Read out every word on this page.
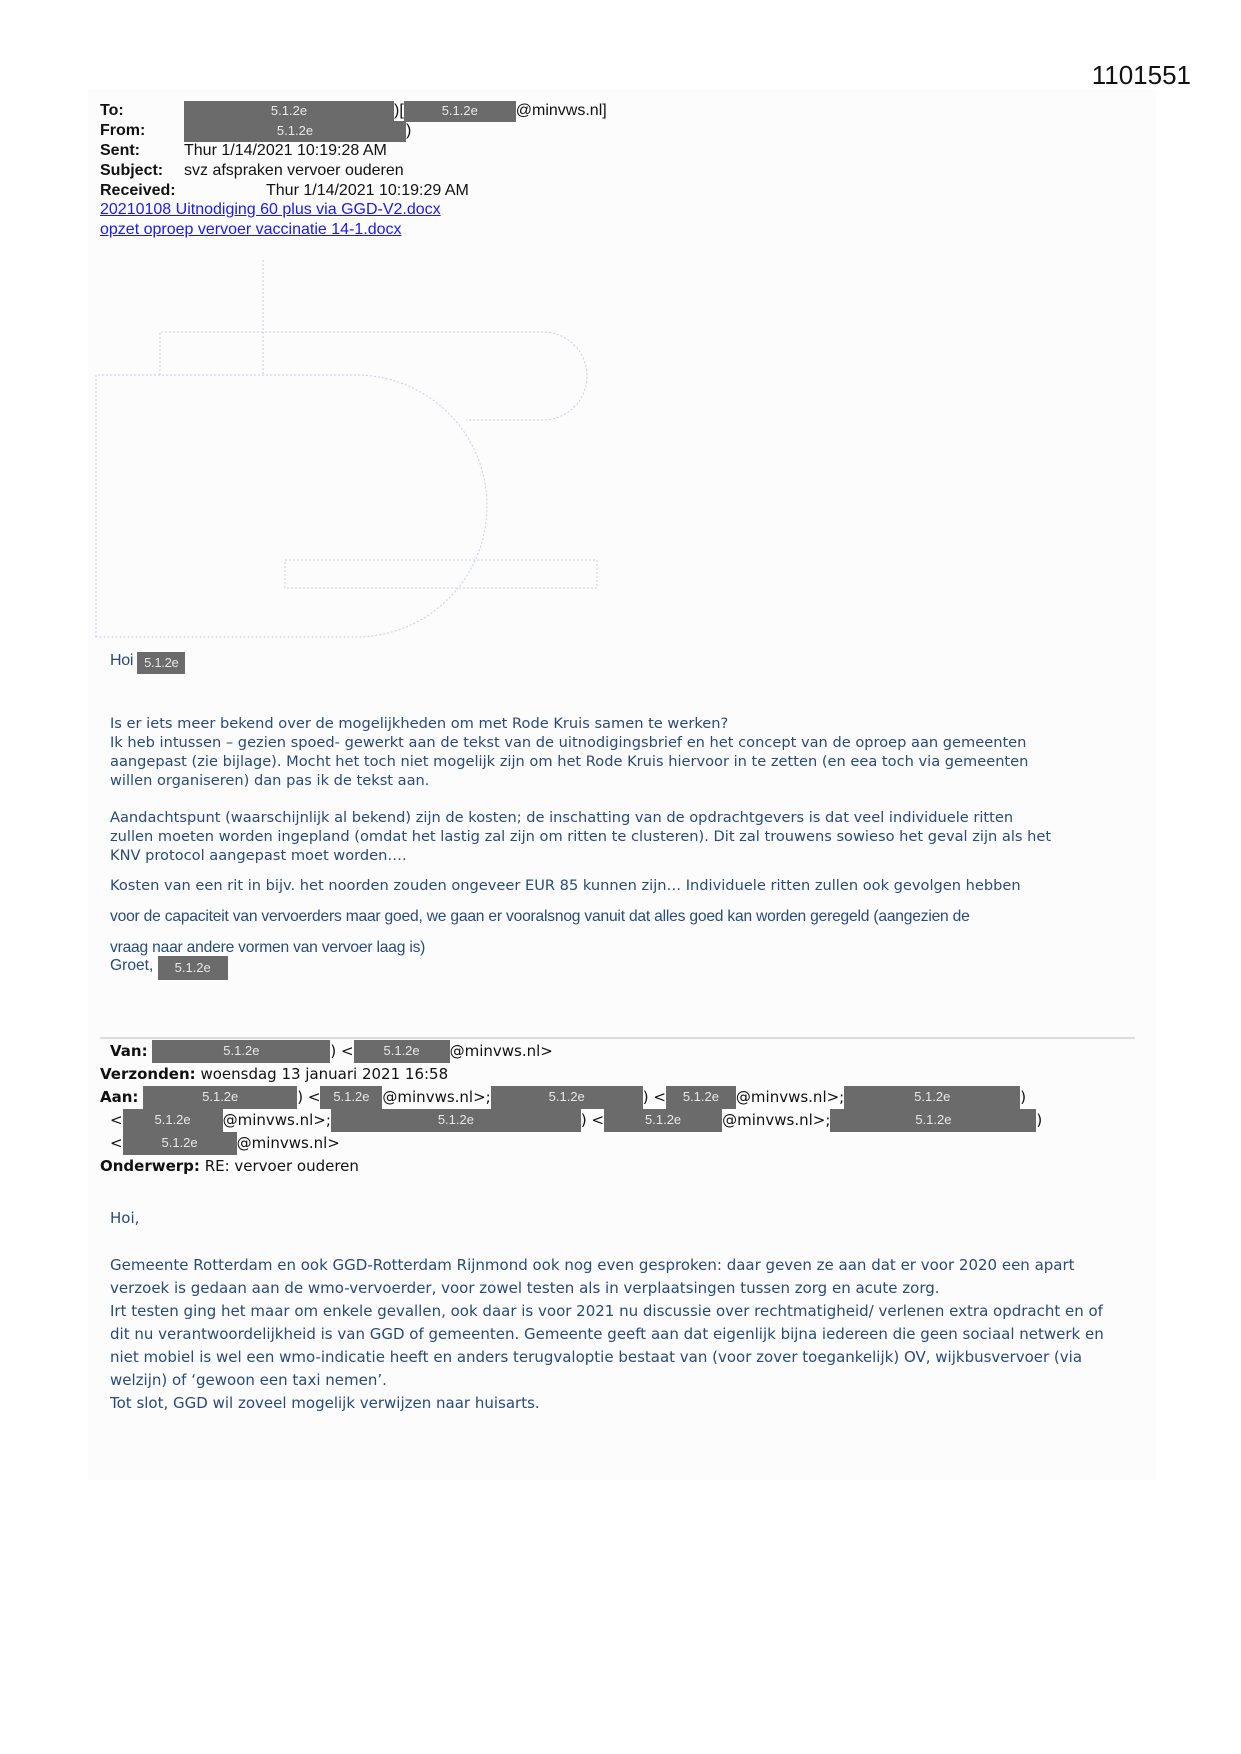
1101551
To:	5.1.2e	)[	5.1.2e @minvws.nl]
From:	5.1.2e	)
Sent:	Thur 1/14/2021 10:19:28 AM
Subject: svz afspraken vervoer ouderen
Received:	Thur 1/14/2021 10:19:29 AM
20210108 Uitnodiging 60 plus via GGD-V2.docx
opzet oproep vervoer vaccinatie 14-1.docx
Hoi 5.1.2e
Is er iets meer bekend over de mogelijkheden om met Rode Kruis samen te werken?
Ik heb intussen – gezien spoed- gewerkt aan de tekst van de uitnodigingsbrief en het concept van de oproep aan gemeenten
aangepast (zie bijlage). Mocht het toch niet mogelijk zijn om het Rode Kruis hiervoor in te zetten (en eea toch via gemeenten
willen organiseren) dan pas ik de tekst aan.
Aandachtspunt (waarschijnlijk al bekend) zijn de kosten; de inschatting van de opdrachtgevers is dat veel individuele ritten
zullen moeten worden ingepland (omdat het lastig zal zijn om ritten te clusteren). Dit zal trouwens sowieso het geval zijn als het
KNV protocol aangepast moet worden….
Kosten van een rit in bijv. het noorden zouden ongeveer EUR 85 kunnen zijn… Individuele ritten zullen ook gevolgen hebben
voor de capaciteit van vervoerders maar goed, we gaan er vooralsnog vanuit dat alles goed kan worden geregeld (aangezien de
vraag naar andere vormen van vervoer laag is)
Groet, 5.1.2e
Van:	5.1.2e	) < 5.1.2e @minvws.nl>
Verzonden: woensdag 13 januari 2021 16:58
Aan:	5.1.2e	) < 5.1.2e @minvws.nl>;	5.1.2e	) < 5.1.2e @minvws.nl>;	5.1.2e	)
< 5.1.2e @minvws.nl>;	5.1.2e	) <	5.1.2e	@minvws.nl>;	5.1.2e	)
<	5.1.2e	@minvws.nl>
Onderwerp: RE: vervoer ouderen
Hoi,
Gemeente Rotterdam en ook GGD-Rotterdam Rijnmond ook nog even gesproken: daar geven ze aan dat er voor 2020 een apart
verzoek is gedaan aan de wmo-vervoerder, voor zowel testen als in verplaatsingen tussen zorg en acute zorg.
Irt testen ging het maar om enkele gevallen, ook daar is voor 2021 nu discussie over rechtmatigheid/ verlenen extra opdracht en of
dit nu verantwoordelijkheid is van GGD of gemeenten. Gemeente geeft aan dat eigenlijk bijna iedereen die geen sociaal netwerk en
niet mobiel is wel een wmo-indicatie heeft en anders terugvaloptie bestaat van (voor zover toegankelijk) OV, wijkbusvervoer (via
welzijn) of ‘gewoon een taxi nemen’.
Tot slot, GGD wil zoveel mogelijk verwijzen naar huisarts.
